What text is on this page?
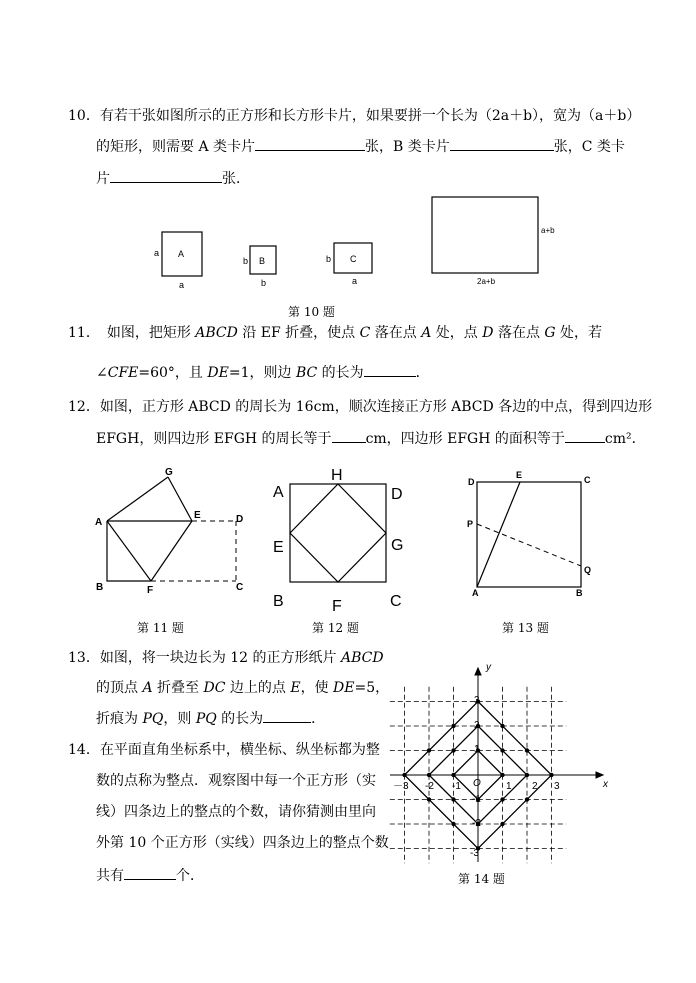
10．有若干张如图所示的正方形和长方形卡片，如果要拼一个长为（2a＋b），宽为（a＋b）
的矩形，则需要 A 类卡片	张，B 类卡片	张，C 类卡
片	张．
A
a
a
B
b
b
C
b
a
a+b
2a+b
第 10 题
11．　如图，把矩形 ABCD 沿 EF 折叠，使点 C 落在点 A 处，点 D 落在点 G 处，若
∠CFE=60°，且 DE=1，则边 BC 的长为	．
12．如图，正方形 ABCD 的周长为 16cm，顺次连接正方形 ABCD 各边的中点，得到四边形
EFGH，则四边形 EFGH 的周长等于 cm，四边形 EFGH 的面积等于	cm²．
G
A
E	D
B	F	C
H
A	D
E	G
B	F	C
D
E	C
P
Q
A	B
第 11 题	第 12 题	第 13 题
13．如图，将一块边长为 12 的正方形纸片 ABCD
的顶点 A 折叠至 DC 边上的点 E，使 DE=5，
折痕为 PQ，则 PQ 的长为	．
14．在平面直角坐标系中，横坐标、纵坐标都为整
数的点称为整点．观察图中每一个正方形（实
线）四条边上的整点的个数，请你猜测由里向
外第 10 个正方形（实线）四条边上的整点个数
共有	个．
x
y
O
－3 -2 -1	1 2 3
3
2
1
-1
-2
-3
第 14 题
